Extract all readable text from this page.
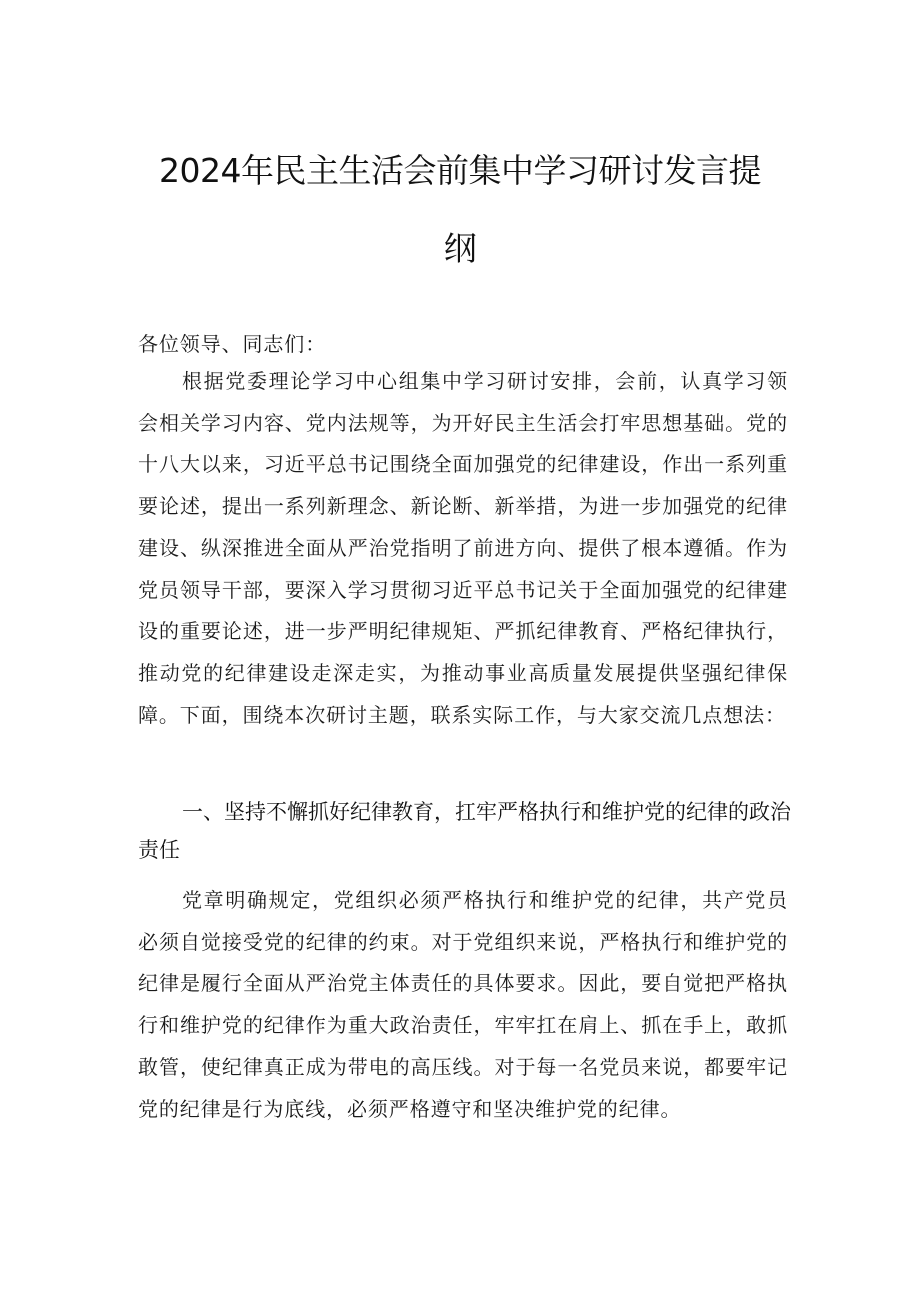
2024年民主生活会前集中学习研讨发言提
纲

各位领导、同志们：

根据党委理论学习中心组集中学习研讨安排，会前，认真学习领会相关学习内容、党内法规等，为开好民主生活会打牢思想基础。党的十八大以来，习近平总书记围绕全面加强党的纪律建设，作出一系列重要论述，提出一系列新理念、新论断、新举措，为进一步加强党的纪律建设、纵深推进全面从严治党指明了前进方向、提供了根本遵循。作为党员领导干部，要深入学习贯彻习近平总书记关于全面加强党的纪律建设的重要论述，进一步严明纪律规矩、严抓纪律教育、严格纪律执行，推动党的纪律建设走深走实，为推动事业高质量发展提供坚强纪律保障。下面，围绕本次研讨主题，联系实际工作，与大家交流几点想法：

一、坚持不懈抓好纪律教育，扛牢严格执行和维护党的纪律的政治责任

党章明确规定，党组织必须严格执行和维护党的纪律，共产党员必须自觉接受党的纪律的约束。对于党组织来说，严格执行和维护党的纪律是履行全面从严治党主体责任的具体要求。因此，要自觉把严格执行和维护党的纪律作为重大政治责任，牢牢扛在肩上、抓在手上，敢抓敢管，使纪律真正成为带电的高压线。对于每一名党员来说，都要牢记党的纪律是行为底线，必须严格遵守和坚决维护党的纪律。
